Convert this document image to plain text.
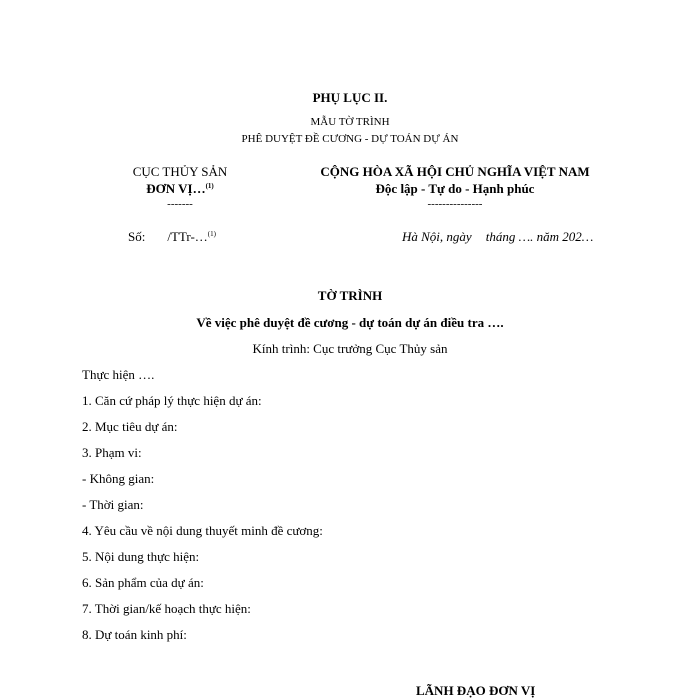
PHỤ LỤC II.
MẪU TỜ TRÌNH
PHÊ DUYỆT ĐỀ CƯƠNG - DỰ TOÁN DỰ ÁN
CỤC THỦY SẢN
ĐƠN VỊ…$^{(1)}$
-------
CỘNG HÒA XÃ HỘI CHỦ NGHĨA VIỆT NAM
Độc lập - Tự do - Hạnh phúc
---------------
Số: /TTr-…$^{(1)}$	Hà Nội, ngày tháng …. năm 202…
TỜ TRÌNH
Về việc phê duyệt đề cương - dự toán dự án điều tra ….
Kính trình: Cục trưởng Cục Thủy sản
Thực hiện ….
1. Căn cứ pháp lý thực hiện dự án:
2. Mục tiêu dự án:
3. Phạm vi:
- Không gian:
- Thời gian:
4. Yêu cầu về nội dung thuyết minh đề cương:
5. Nội dung thực hiện:
6. Sản phẩm của dự án:
7. Thời gian/kế hoạch thực hiện:
8. Dự toán kinh phí:
LÃNH ĐẠO ĐƠN VỊ
